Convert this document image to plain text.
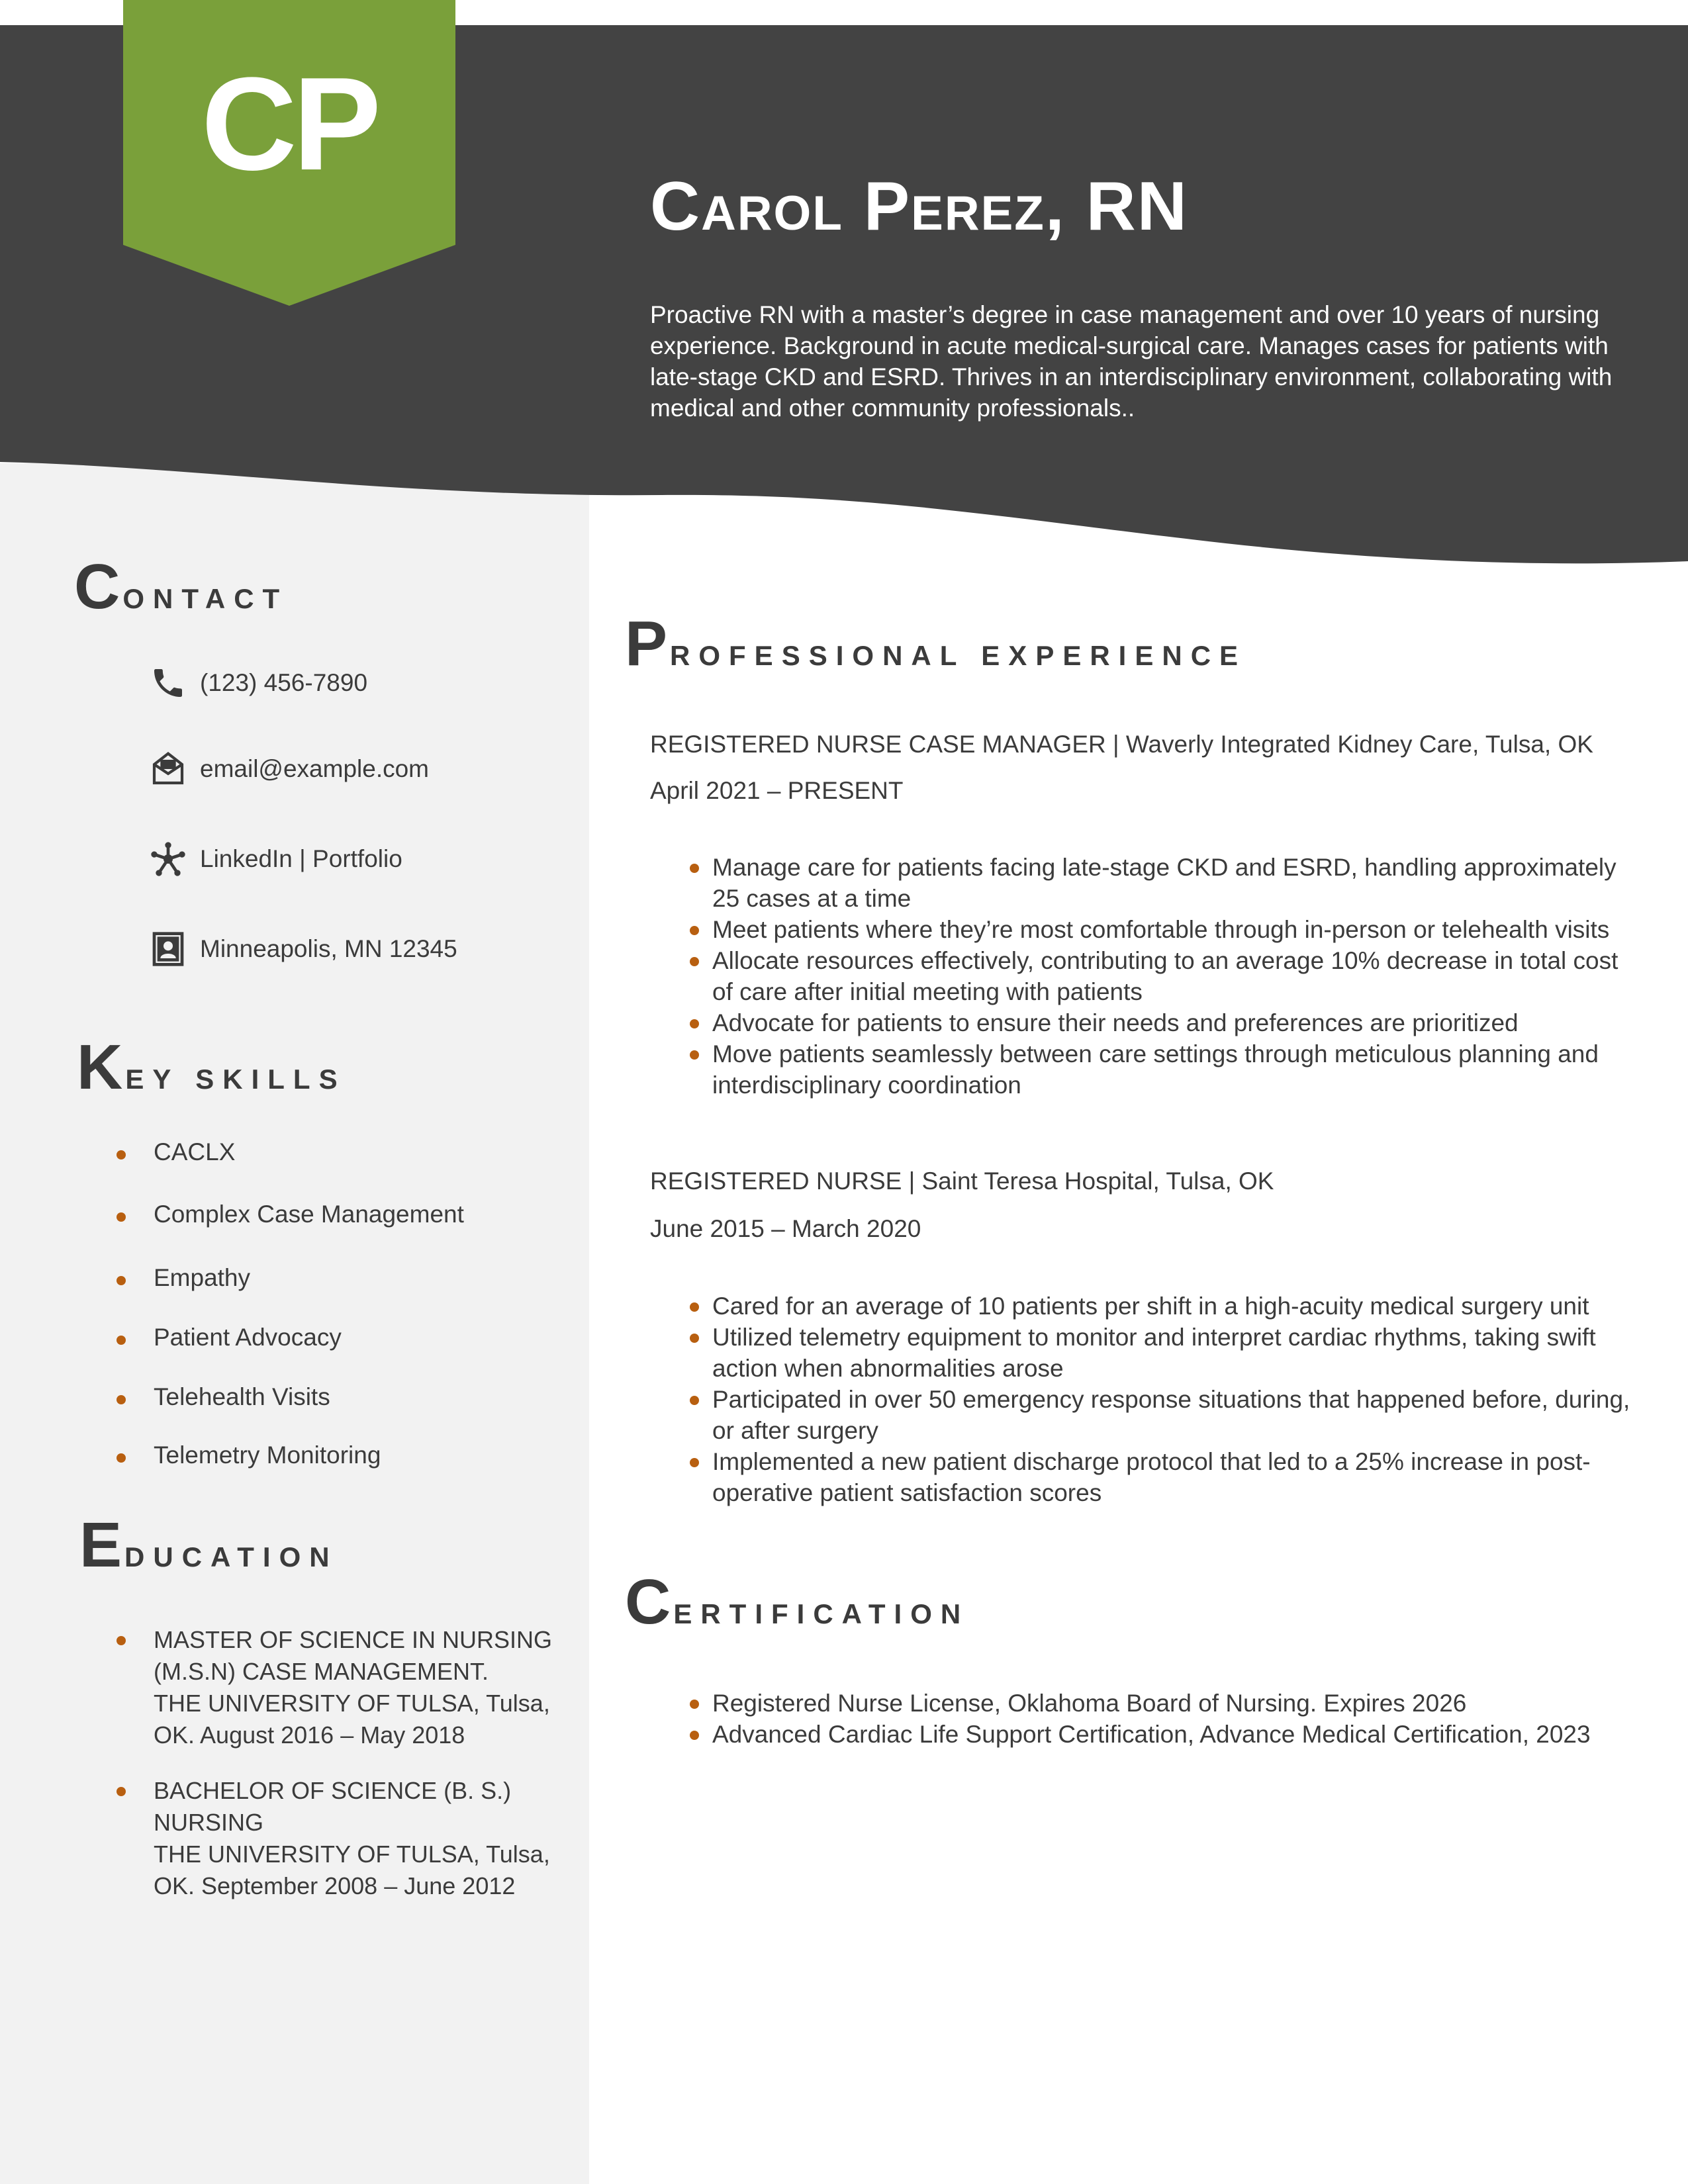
CP
Carol Perez, RN

Proactive RN with a master’s degree in case management and over 10 years of nursing experience. Background in acute medical-surgical care. Manages cases for patients with late-stage CKD and ESRD. Thrives in an interdisciplinary environment, collaborating with medical and other community professionals..

CONTACT
(123) 456-7890
email@example.com
LinkedIn | Portfolio
Minneapolis, MN 12345
KEY SKILLS
CACLX
Complex Case Management
Empathy
Patient Advocacy
Telehealth Visits
Telemetry Monitoring
EDUCATION
MASTER OF SCIENCE IN NURSING (M.S.N) CASE MANAGEMENT.
THE UNIVERSITY OF TULSA, Tulsa, OK. August 2016 – May 2018
BACHELOR OF SCIENCE (B. S.) NURSING
THE UNIVERSITY OF TULSA, Tulsa, OK. September 2008 – June 2012
PROFESSIONAL EXPERIENCE
REGISTERED NURSE CASE MANAGER | Waverly Integrated Kidney Care, Tulsa, OK
April 2021 – PRESENT
Manage care for patients facing late-stage CKD and ESRD, handling approximately 25 cases at a time
Meet patients where they’re most comfortable through in-person or telehealth visits
Allocate resources effectively, contributing to an average 10% decrease in total cost of care after initial meeting with patients
Advocate for patients to ensure their needs and preferences are prioritized
Move patients seamlessly between care settings through meticulous planning and interdisciplinary coordination
REGISTERED NURSE | Saint Teresa Hospital, Tulsa, OK
June 2015 – March 2020
Cared for an average of 10 patients per shift in a high-acuity medical surgery unit
Utilized telemetry equipment to monitor and interpret cardiac rhythms, taking swift action when abnormalities arose
Participated in over 50 emergency response situations that happened before, during, or after surgery
Implemented a new patient discharge protocol that led to a 25% increase in post-operative patient satisfaction scores
CERTIFICATION
Registered Nurse License, Oklahoma Board of Nursing. Expires 2026
Advanced Cardiac Life Support Certification, Advance Medical Certification, 2023
